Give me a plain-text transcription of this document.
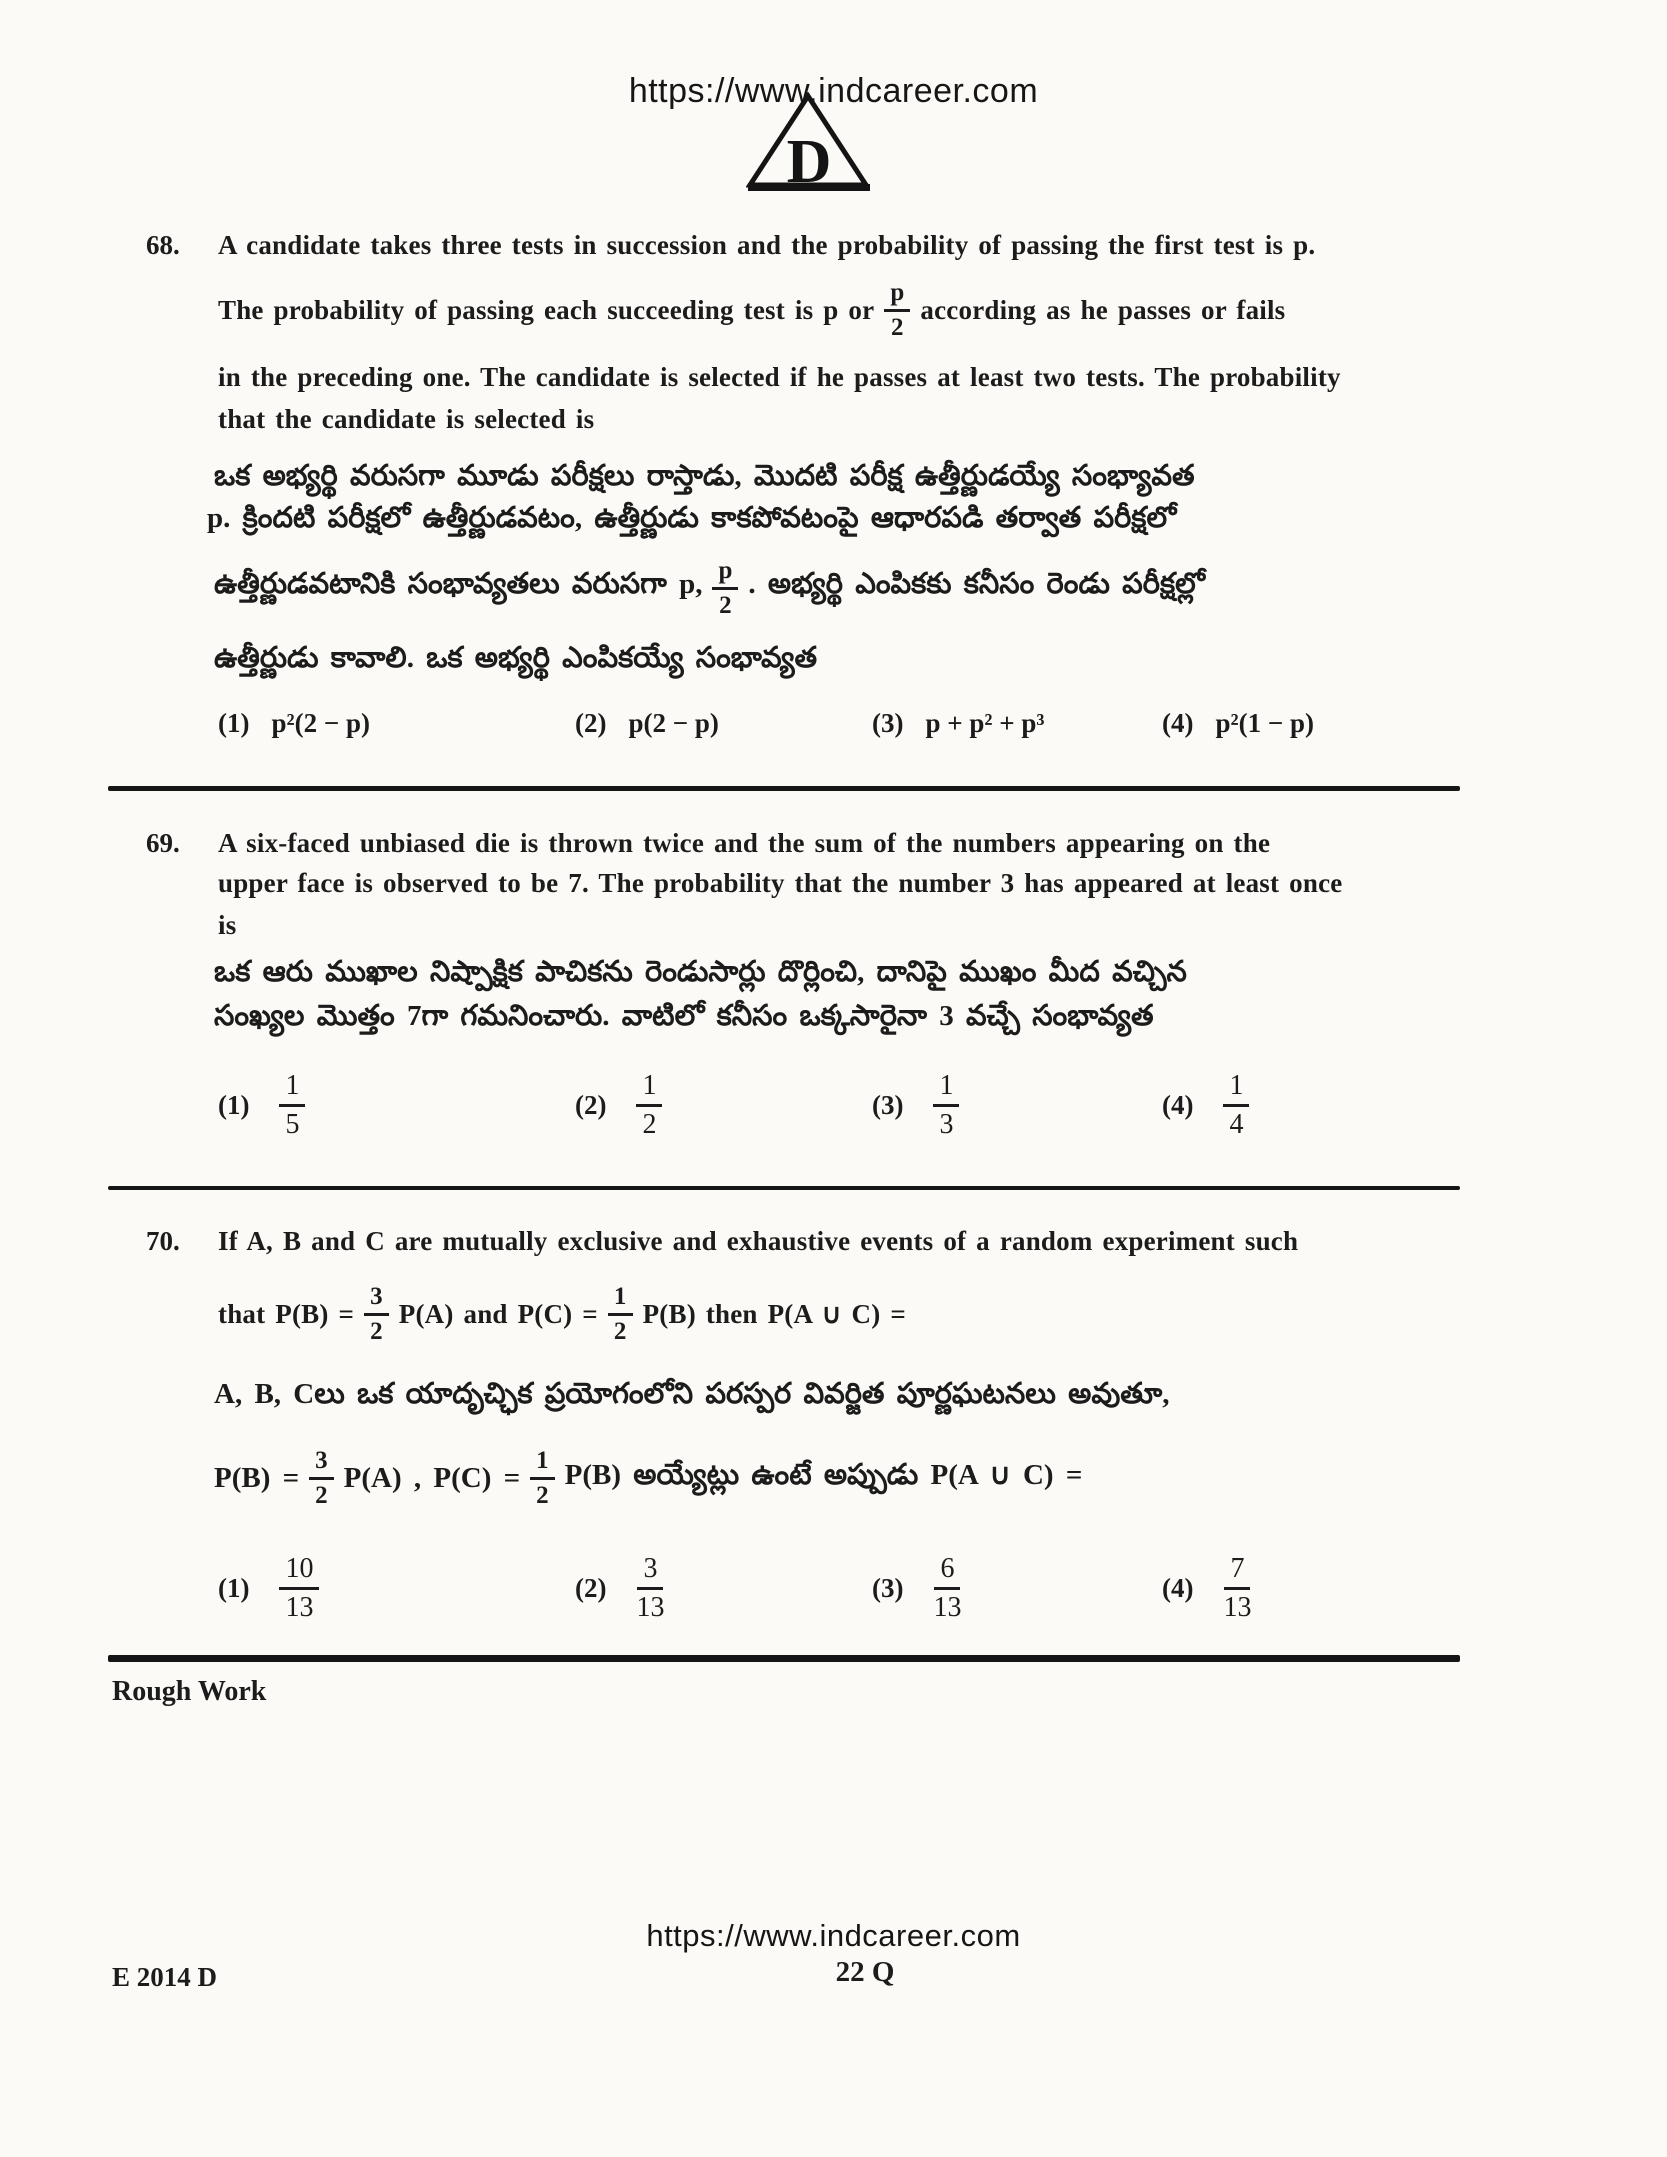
https://www.indcareer.com
D
68. A candidate takes three tests in succession and the probability of passing the first test is p.
The probability of passing each succeeding test is p or $\frac{p}{2}$ according as he passes or fails
in the preceding one. The candidate is selected if he passes at least two tests. The probability
that the candidate is selected is
ఒక అభ్యర్థి వరుసగా మూడు పరీక్షలు రాస్తాడు, మొదటి పరీక్ష ఉత్తీర్ణుడయ్యే సంభ్యావత
p. క్రిందటి పరీక్షలో ఉత్తీర్ణుడవటం, ఉత్తీర్ణుడు కాకపోవటంపై ఆధారపడి తర్వాత పరీక్షలో
ఉత్తీర్ణుడవటానికి సంభావ్యతలు వరుసగా p, $\frac{p}{2}$ . అభ్యర్థి ఎంపికకు కనీసం రెండు పరీక్షల్లో
ఉత్తీర్ణుడు కావాలి. ఒక అభ్యర్థి ఎంపికయ్యే సంభావ్యత
(1) p²(2 − p)	(2) p(2 − p)	(3) p + p² + p³	(4) p²(1 − p)
69. A six-faced unbiased die is thrown twice and the sum of the numbers appearing on the
upper face is observed to be 7. The probability that the number 3 has appeared at least once
is
ఒక ఆరు ముఖాల నిష్పాక్షిక పాచికను రెండుసార్లు దొర్లించి, దానిపై ముఖం మీద వచ్చిన
సంఖ్యల మొత్తం 7గా గమనించారు. వాటిలో కనీసం ఒక్కసారైనా 3 వచ్చే సంభావ్యత
$(1) \frac{1}{5}$	$(2) \frac{1}{2}$	$(3) \frac{1}{3}$	$(4) \frac{1}{4}$
70. If A, B and C are mutually exclusive and exhaustive events of a random experiment such
that $P(B) = \frac{3}{2} P(A)$ and $P(C) = \frac{1}{2} P(B)$ then P(A ∪ C) =
A, B, Cలు ఒక యాదృచ్ఛిక ప్రయోగంలోని పరస్పర వివర్జిత పూర్ణఘటనలు అవుతూ,
$P(B) = \frac{3}{2} P(A)$ , $P(C) = \frac{1}{2} P(B)$ అయ్యేట్లు ఉంటే అప్పుడు P(A ∪ C) =
$(1) \frac{10}{13}$	$(2) \frac{3}{13}$	$(3) \frac{6}{13}$	$(4) \frac{7}{13}$
Rough Work
https://www.indcareer.com
E 2014 D	22 Q
